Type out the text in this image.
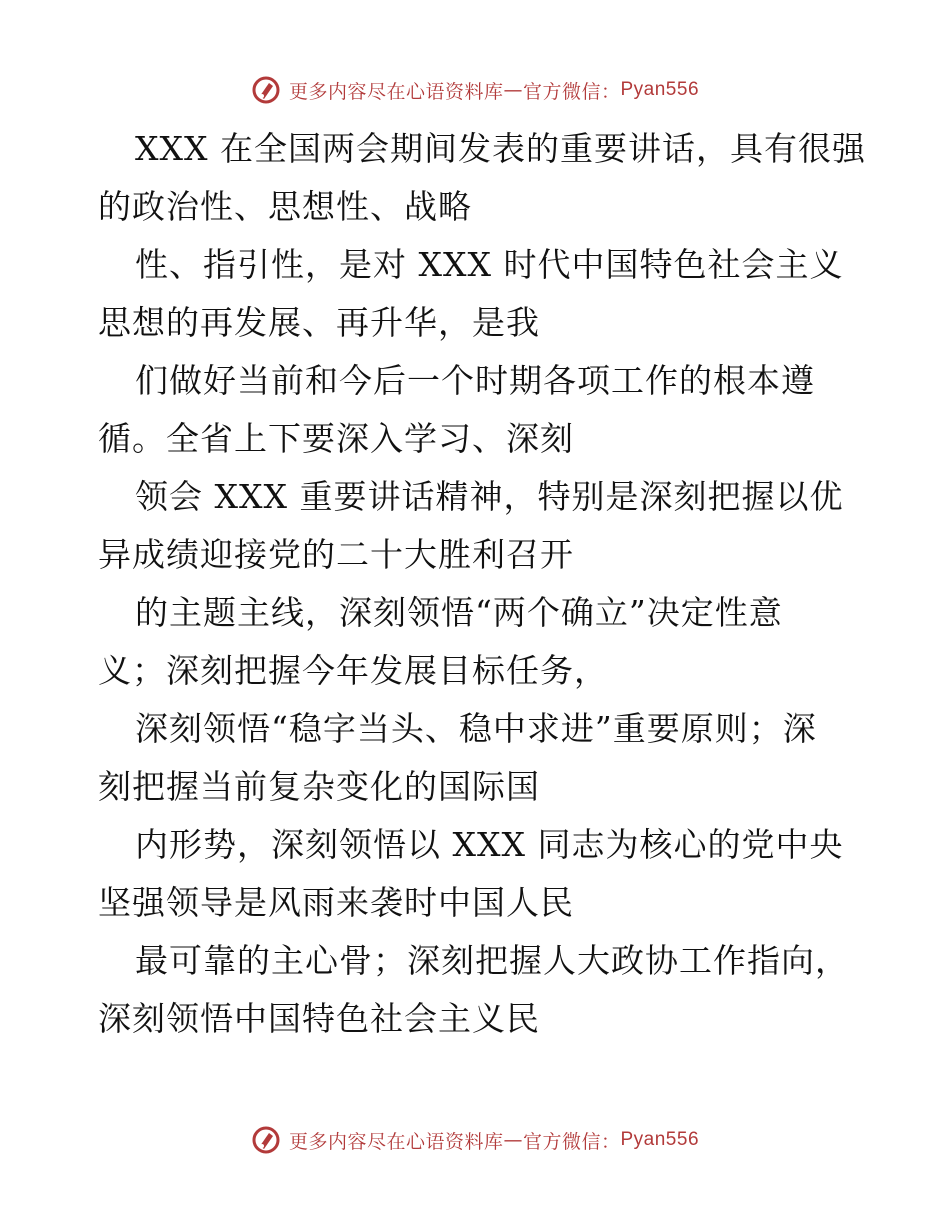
更多内容尽在心语资料库 — 官方微信： Pyan556
XXX 在全国两会期间发表的重要讲话，具有很强
的政治性、思想性、战略
性、指引性，是对 XXX 时代中国特色社会主义
思想的再发展、再升华，是我
们做好当前和今后一个时期各项工作的根本遵
循。全省上下要深入学习、深刻
领会 XXX 重要讲话精神，特别是深刻把握以优
异成绩迎接党的二十大胜利召开
的主题主线，深刻领悟“两个确立”决定性意
义；深刻把握今年发展目标任务，
深刻领悟“稳字当头、稳中求进”重要原则；深
刻把握当前复杂变化的国际国
内形势，深刻领悟以 XXX 同志为核心的党中央
坚强领导是风雨来袭时中国人民
最可靠的主心骨；深刻把握人大政协工作指向，
深刻领悟中国特色社会主义民
更多内容尽在心语资料库 — 官方微信： Pyan556
